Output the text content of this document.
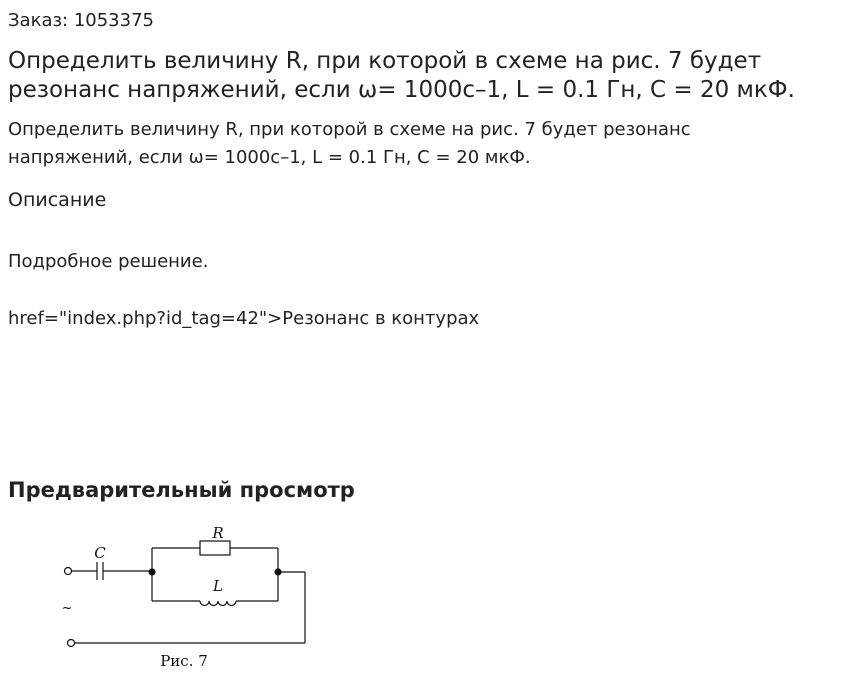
Заказ: 1053375
Определить величину R, при которой в схеме на рис. 7 будет резонанс напряжений, если ω= 1000с–1, L = 0.1 Гн, C = 20 мкФ.

Определить величину R, при которой в схеме на рис. 7 будет резонанс напряжений, если ω= 1000с–1, L = 0.1 Гн, C = 20 мкФ.

Описание

Подробное решение.

href="index.php?id_tag=42">Резонанс в контурах

Предварительный просмотр
C
R
L
~
Рис. 7
